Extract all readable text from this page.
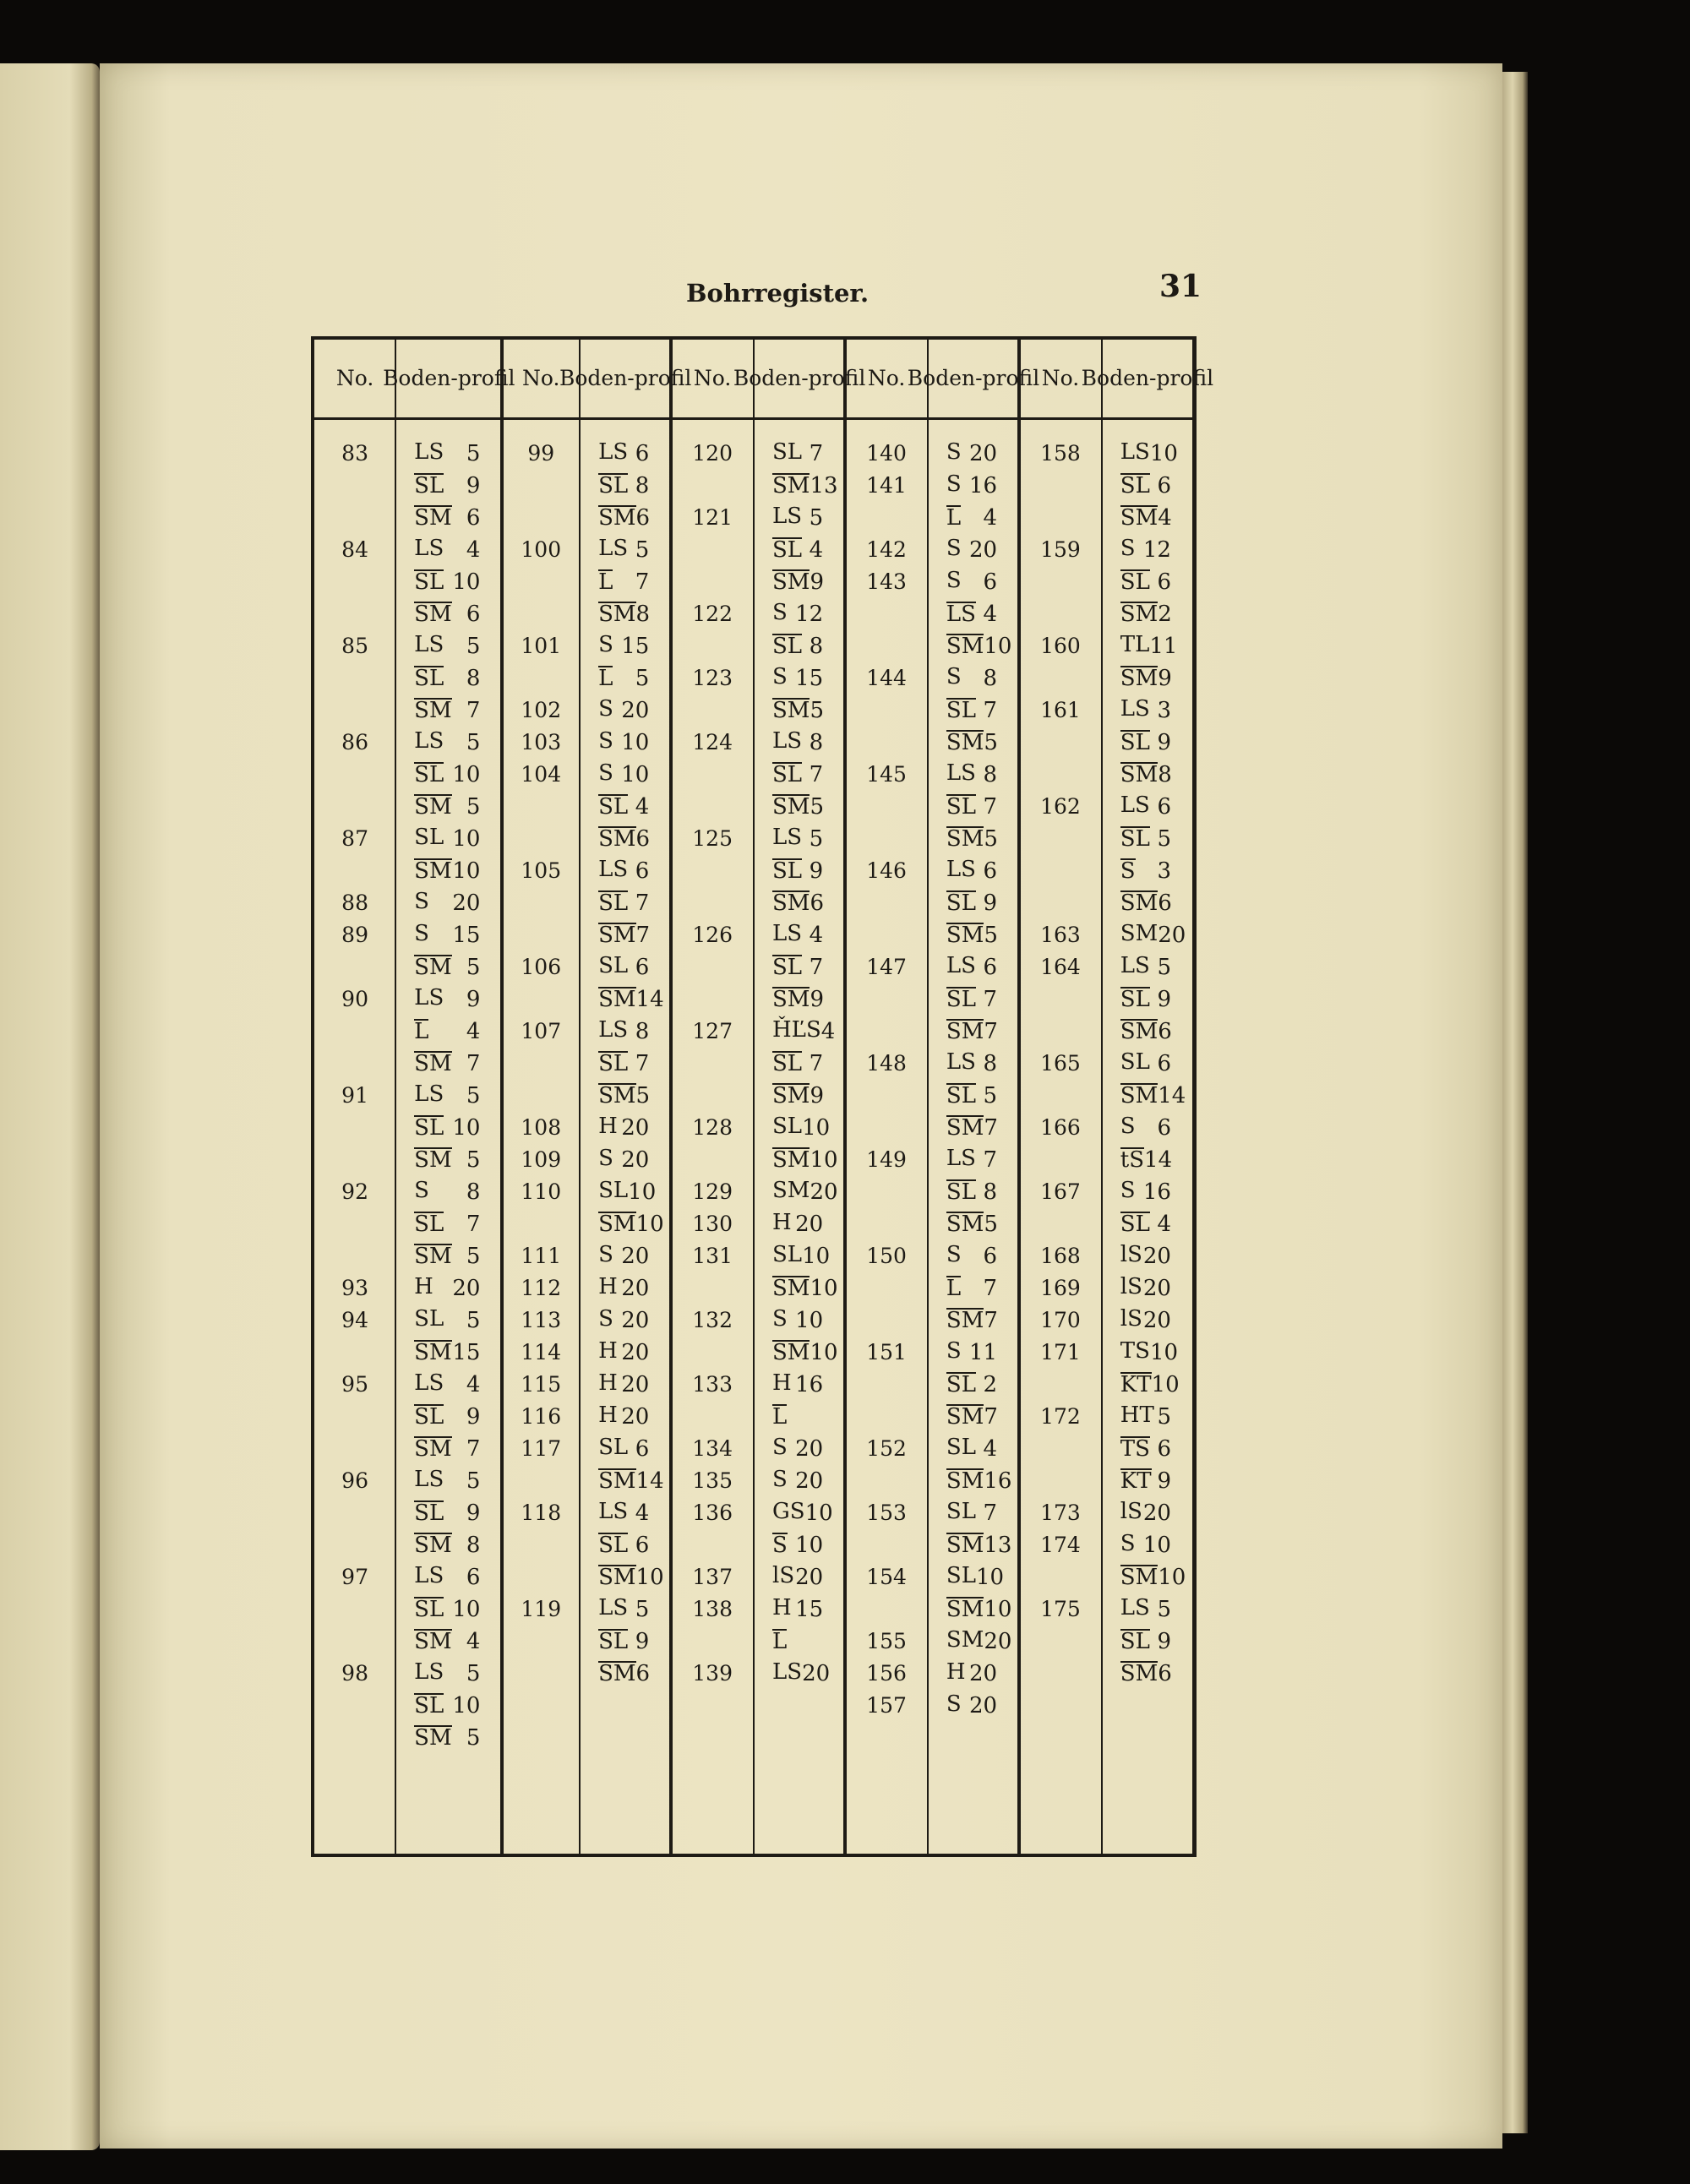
Bohrregister.	31
No. Boden- profil No. Boden- profil No. Boden- profil No. Boden- profil No. Boden- profil
83	LS 5
SL 9
SM 6
84	LS 4
SL 10
SM 6
85	LS 5
SL 8
SM 7
86	LS 5
SL 10
SM 5
87	SL 10
SM 10
88	S 20
89	S 15
SM 5
90	LS 9
L 4
SM 7
91	LS 5
SL 10
SM 5
92	S 8
SL 7
SM 5
93	H 20
94	SL 5
SM 15
95	LS 4
SL 9
SM 7
96	LS 5
SL 9
SM 8
97	LS 6
SL 10
SM 4
98	LS 5
SL 10
SM 5
99	LS 6
SL 8
SM 6
100	LS 5
L 7
SM 8
101	S 15
L 5
102	S 20
103	S 10
104	S 10
SL 4
SM 6
105	LS 6
SL 7
SM 7
106	SL 6
SM 14
107	LS 8
SL 7
SM 5
108	H 20
109	S 20
110	SL 10
SM 10
111	S 20
112	H 20
113	S 20
114	H 20
115	H 20
116	H 20
117	SL 6
SM 14
118	LS 4
SL 6
SM 10
119	LS 5
SL 9
SM 6
120	SL 7
SM 13
121	LS 5
SL 4
SM 9
122	S 12
SL 8
123	S 15
SM 5
124	LS 8
SL 7
SM 5
125	LS 5
SL 9
SM 6
126	LS 4
SL 7
SM 9
127	ȞĽS 4
SL 7
SM 9
128	SL 10
SM 10
129	SM 20
130	H 20
131	SL 10
SM 10
132	S 10
SM 10
133	H 16
L
134	S 20
135	S 20
136	GS 10
S 10
137	lS 20
138	H 15
L
139	LS 20
140	S 20
141	S 16
L 4
142	S 20
143	S 6
LS 4
SM 10
144	S 8
SL 7
SM 5
145	LS 8
SL 7
SM 5
146	LS 6
SL 9
SM 5
147	LS 6
SL 7
SM 7
148	LS 8
SL 5
SM 7
149	LS 7
SL 8
SM 5
150	S 6
L 7
SM 7
151	S 11
SL 2
SM 7
152	SL 4
SM 16
153	SL 7
SM 13
154	SL 10
SM 10
155	SM 20
156	H 20
157	S 20
158	LS 10
SL 6
SM 4
159	S 12
SL 6
SM 2
160	TL 11
SM 9
161	LS 3
SL 9
SM 8
162	LS 6
SL 5
S 3
SM 6
163	SM 20
164	LS 5
SL 9
SM 6
165	SL 6
SM 14
166	S 6
tS 14
167	S 16
SL 4
168	lS 20
169	lS 20
170	lS 20
171	TS 10
KT 10
172	HT 5
TS 6
KT 9
173	lS 20
174	S 10
SM 10
175	LS 5
SL 9
SM 6
